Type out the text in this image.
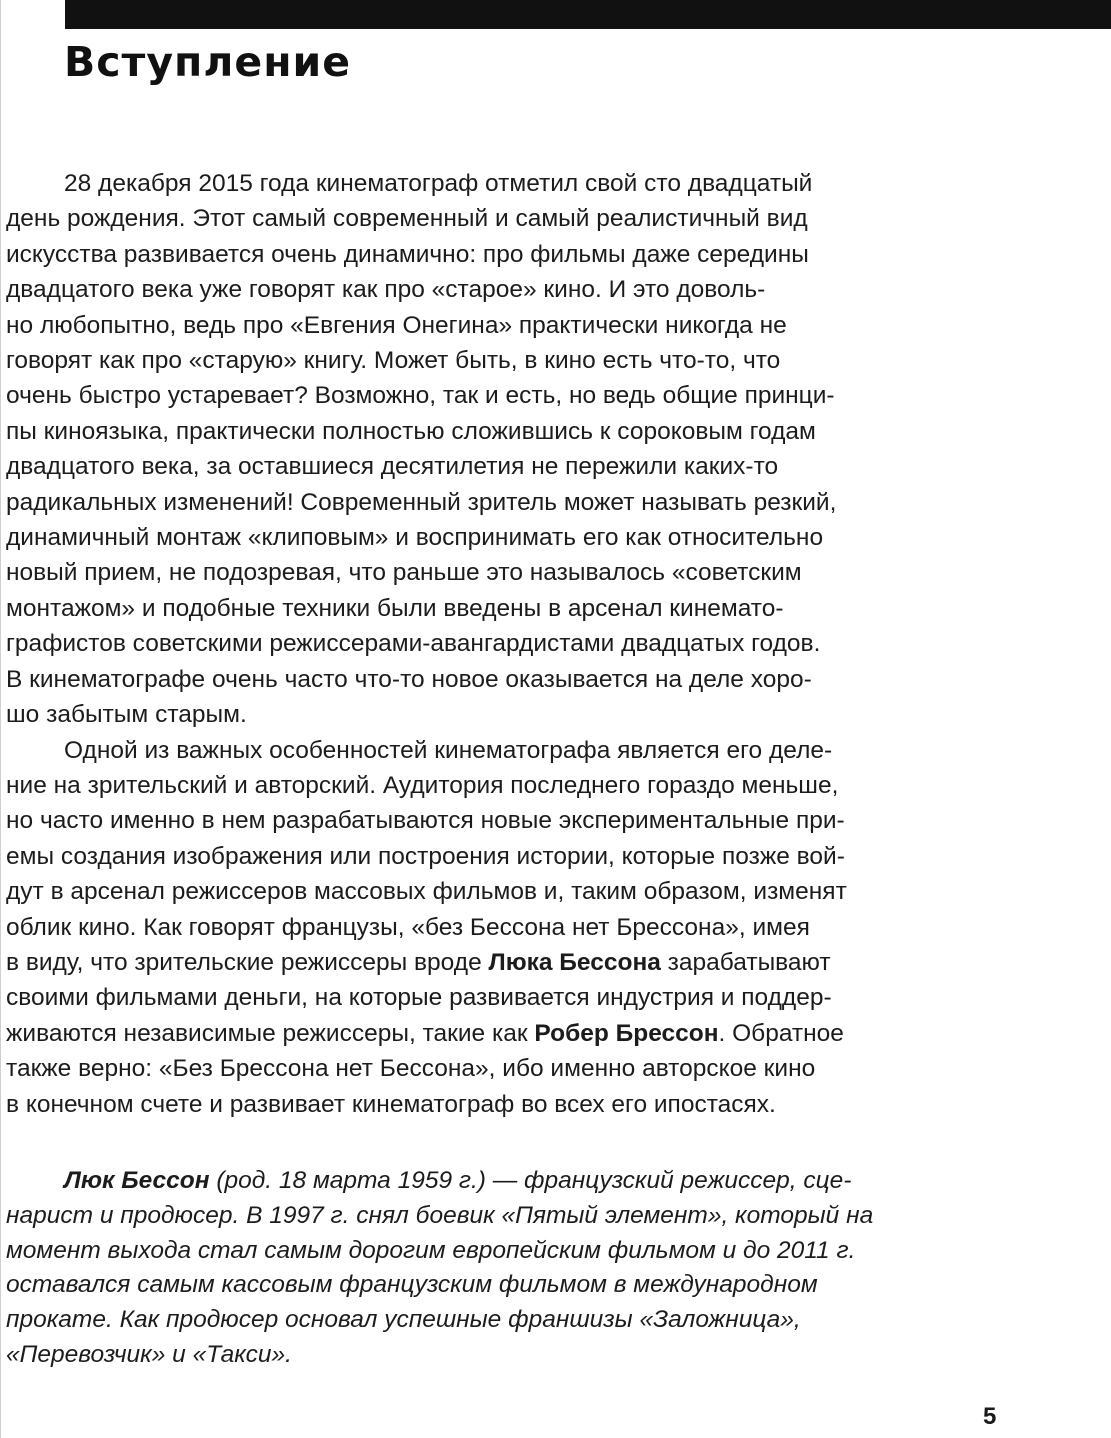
Вступление
28 декабря 2015 года кинематограф отметил свой сто двадцатый
день рождения. Этот самый современный и самый реалистичный вид
искусства развивается очень динамично: про фильмы даже середины
двадцатого века уже говорят как про «старое» кино. И это доволь-
но любопытно, ведь про «Евгения Онегина» практически никогда не
говорят как про «старую» книгу. Может быть, в кино есть что-то, что
очень быстро устаревает? Возможно, так и есть, но ведь общие принци-
пы киноязыка, практически полностью сложившись к сороковым годам
двадцатого века, за оставшиеся десятилетия не пережили каких-то
радикальных изменений! Современный зритель может называть резкий,
динамичный монтаж «клиповым» и воспринимать его как относительно
новый прием, не подозревая, что раньше это называлось «советским
монтажом» и подобные техники были введены в арсенал кинемато-
графистов советскими режиссерами-авангардистами двадцатых годов.
В кинематографе очень часто что-то новое оказывается на деле хоро-
шо забытым старым.
Одной из важных особенностей кинематографа является его деле-
ние на зрительский и авторский. Аудитория последнего гораздо меньше,
но часто именно в нем разрабатываются новые экспериментальные при-
емы создания изображения или построения истории, которые позже вой-
дут в арсенал режиссеров массовых фильмов и, таким образом, изменят
облик кино. Как говорят французы, «без Бессона нет Брессона», имея
в виду, что зрительские режиссеры вроде Люка Бессона зарабатывают
своими фильмами деньги, на которые развивается индустрия и поддер-
живаются независимые режиссеры, такие как Робер Брессон. Обратное
также верно: «Без Брессона нет Бессона», ибо именно авторское кино
в конечном счете и развивает кинематограф во всех его ипостасях.
Люк Бессон (род. 18 марта 1959 г.) — французский режиссер, сце-
нарист и продюсер. В 1997 г. снял боевик «Пятый элемент», который на
момент выхода стал самым дорогим европейским фильмом и до 2011 г.
оставался самым кассовым французским фильмом в международном
прокате. Как продюсер основал успешные франшизы «Заложница»,
«Перевозчик» и «Такси».
5
